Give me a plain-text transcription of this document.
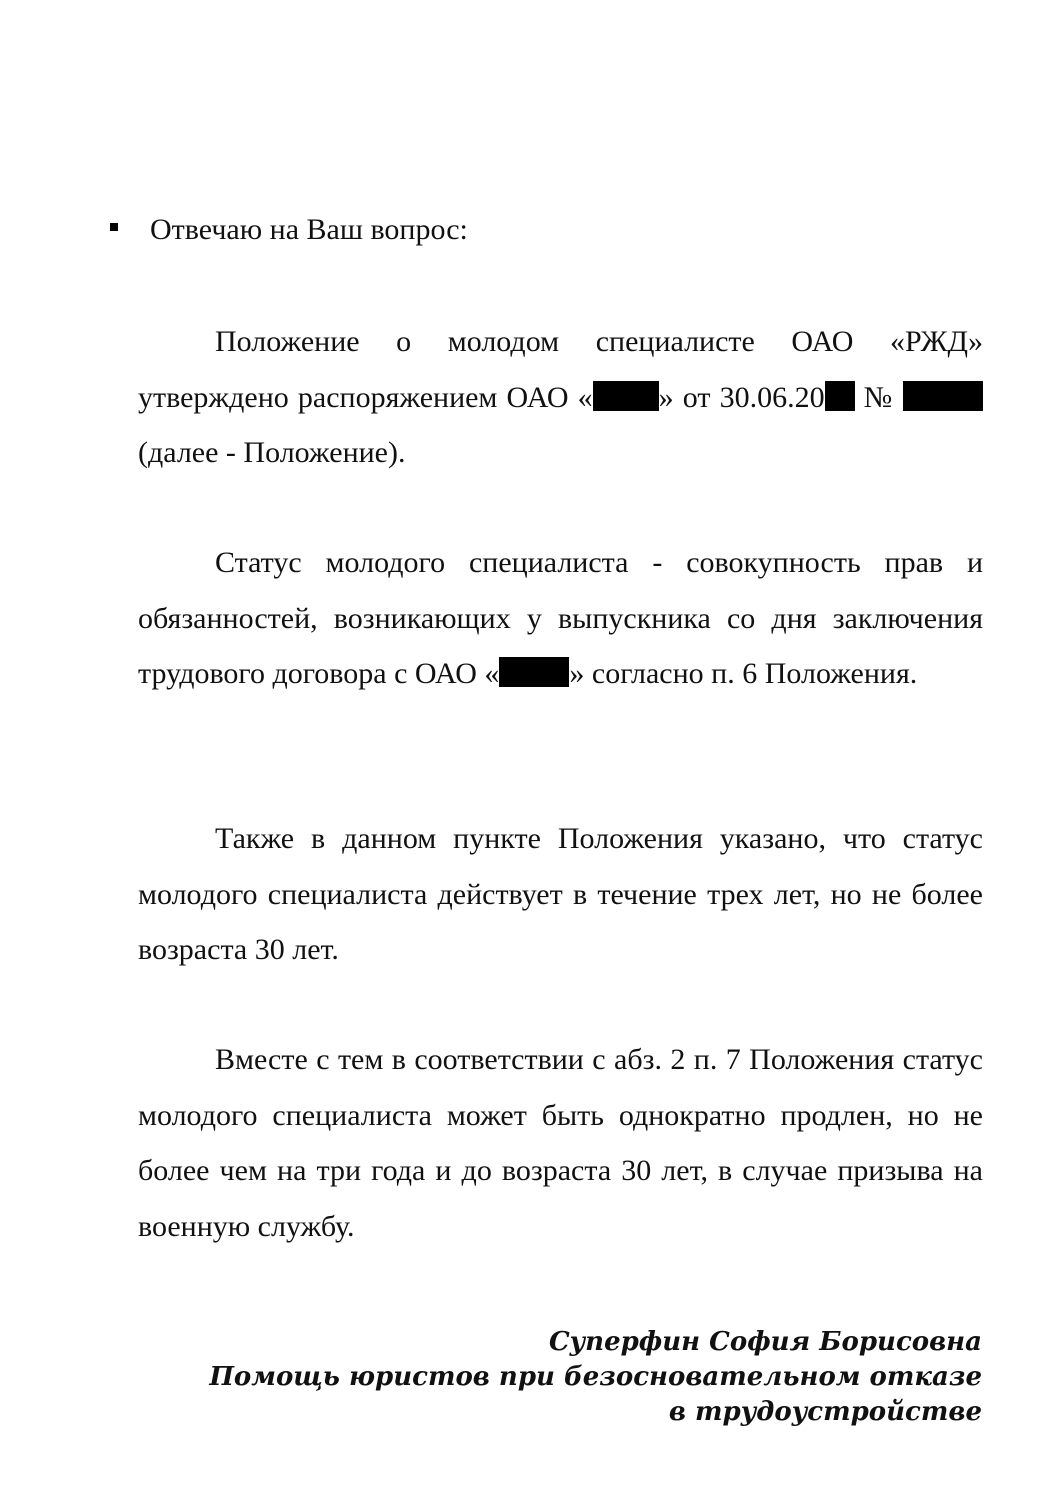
Отвечаю на Ваш вопрос:

Положение о молодом специалисте ОАО «РЖД» утверждено распоряжением ОАО « » от 30.06.20 №  (далее - Положение).

Статус молодого специалиста - совокупность прав и обязанностей, возникающих у выпускника со дня заключения трудового договора с ОАО « » согласно п. 6 Положения.

Также в данном пункте Положения указано, что статус молодого специалиста действует в течение трех лет, но не более возраста 30 лет.

Вместе с тем в соответствии с абз. 2 п. 7 Положения статус молодого специалиста может быть однократно продлен, но не более чем на три года и до возраста 30 лет, в случае призыва на военную службу.

Суперфин София Борисовна
Помощь юристов при безосновательном отказе
в трудоустройстве
